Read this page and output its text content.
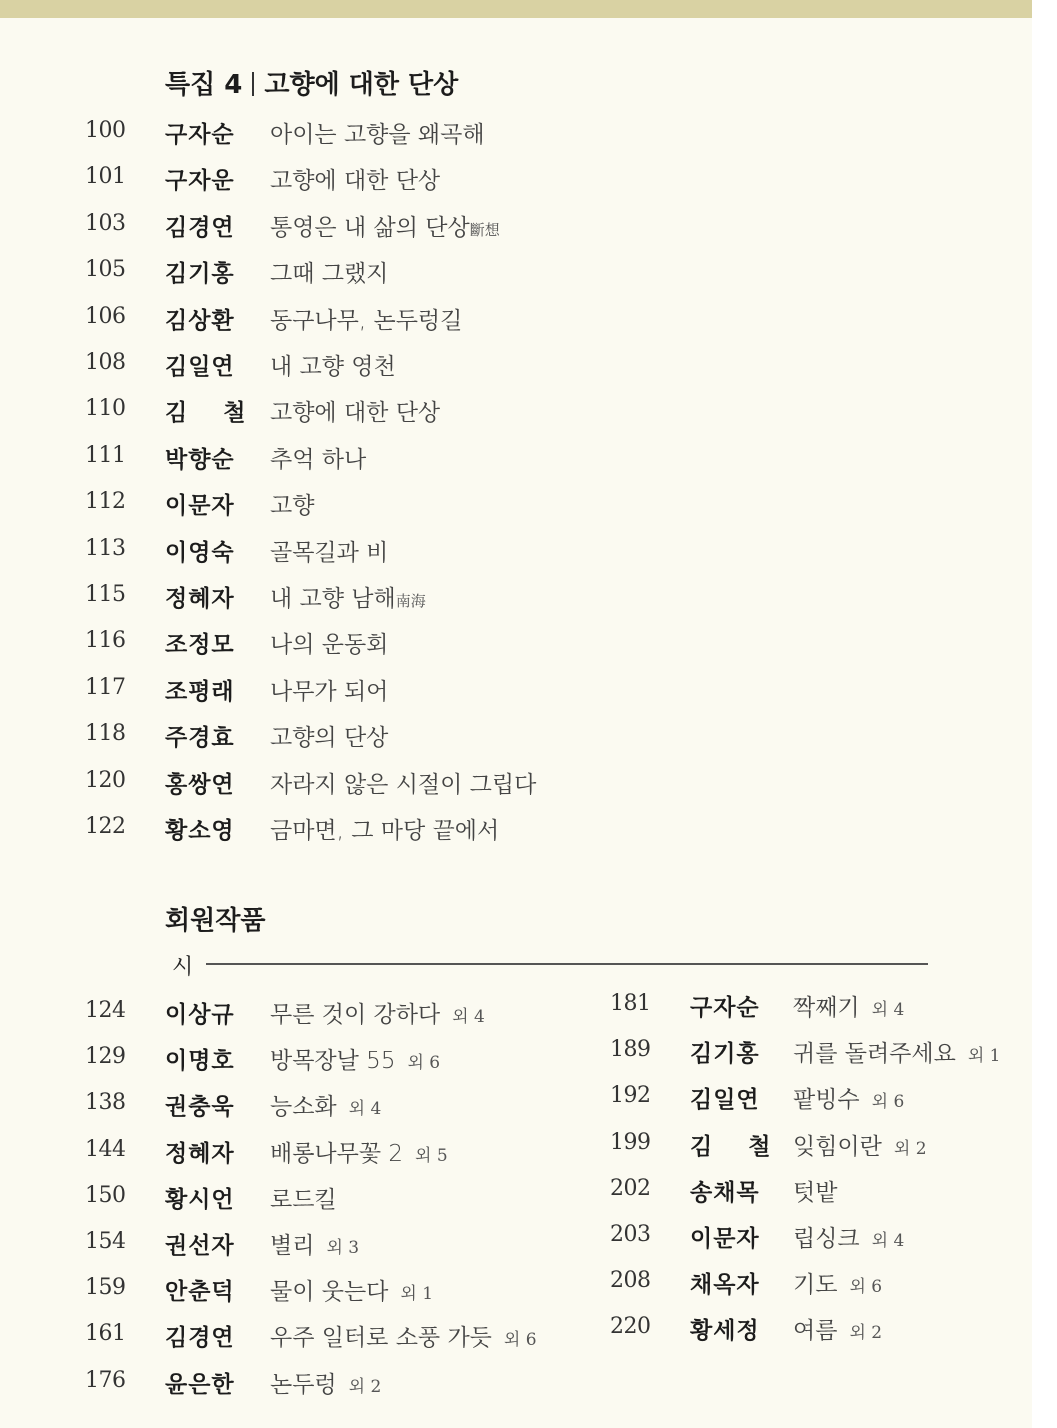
특집 4 고향에 대한 단상
100	구자순 아이는 고향을 왜곡해
101	구자운 고향에 대한 단상
103	김경연 통영은 내 삶의 단상斷想
105	김기홍 그때 그랬지
106	김상환 동구나무, 논두렁길
108	김일연 내 고향 영천
110	김 철 고향에 대한 단상
111	박향순 추억 하나
112	이문자 고향
113	이영숙 골목길과 비
115	정혜자 내 고향 남해南海
116	조정모 나의 운동회
117	조평래 나무가 되어
118	주경효 고향의 단상
120	홍쌍연 자라지 않은 시절이 그립다
122	황소영 금마면, 그 마당 끝에서
회원작품
시
124	이상규 무른 것이 강하다 외 4
129	이명호 방목장날 55 외 6
138	권충욱 능소화 외 4
144	정혜자 배롱나무꽃 2 외 5
150	황시언 로드킬
154	권선자 별리 외 3
159	안춘덕 물이 웃는다 외 1
161	김경연 우주 일터로 소풍 가듯 외 6
176	윤은한 논두렁 외 2
181	구자순 짝째기 외 4
189	김기홍 귀를 돌려주세요 외 1
192	김일연 팥빙수 외 6
199	김 철 잊힘이란 외 2
202	송채목 텃밭
203	이문자 립싱크 외 4
208	채옥자 기도 외 6
220	황세정 여름 외 2
